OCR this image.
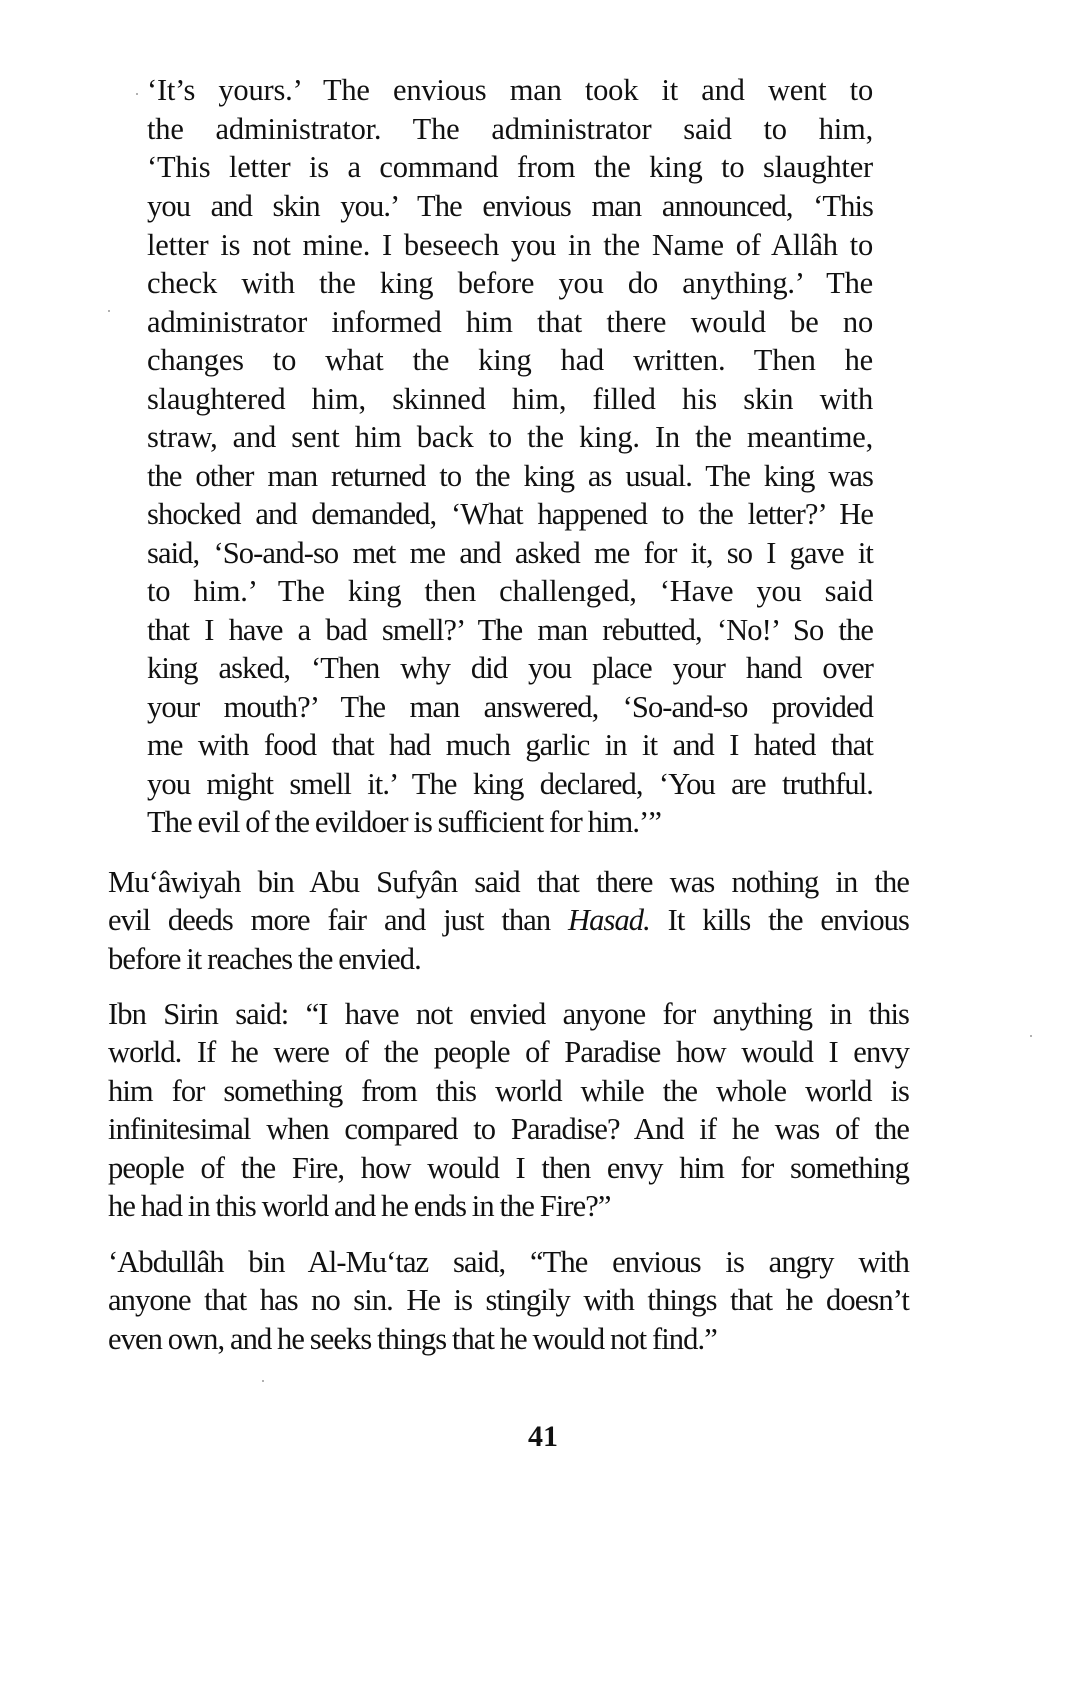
‘It’s yours.’ The envious man took it and went to
the administrator. The administrator said to him,
‘This letter is a command from the king to slaughter
you and skin you.’ The envious man announced, ‘This
letter is not mine. I beseech you in the Name of Allâh to
check with the king before you do anything.’ The
administrator informed him that there would be no
changes to what the king had written. Then he
slaughtered him, skinned him, filled his skin with
straw, and sent him back to the king. In the meantime,
the other man returned to the king as usual. The king was
shocked and demanded, ‘What happened to the letter?’ He
said, ‘So-and-so met me and asked me for it, so I gave it
to him.’ The king then challenged, ‘Have you said
that I have a bad smell?’ The man rebutted, ‘No!’ So the
king asked, ‘Then why did you place your hand over
your mouth?’ The man answered, ‘So-and-so provided
me with food that had much garlic in it and I hated that
you might smell it.’ The king declared, ‘You are truthful.
The evil of the evildoer is sufficient for him.’”
Mu‘âwiyah bin Abu Sufyân said that there was nothing in the
evil deeds more fair and just than Hasad. It kills the envious
before it reaches the envied.
Ibn Sirin said: “I have not envied anyone for anything in this
world. If he were of the people of Paradise how would I envy
him for something from this world while the whole world is
infinitesimal when compared to Paradise? And if he was of the
people of the Fire, how would I then envy him for something
he had in this world and he ends in the Fire?”
‘Abdullâh bin Al-Mu‘taz said, “The envious is angry with
anyone that has no sin. He is stingily with things that he doesn’t
even own, and he seeks things that he would not find.”
41
